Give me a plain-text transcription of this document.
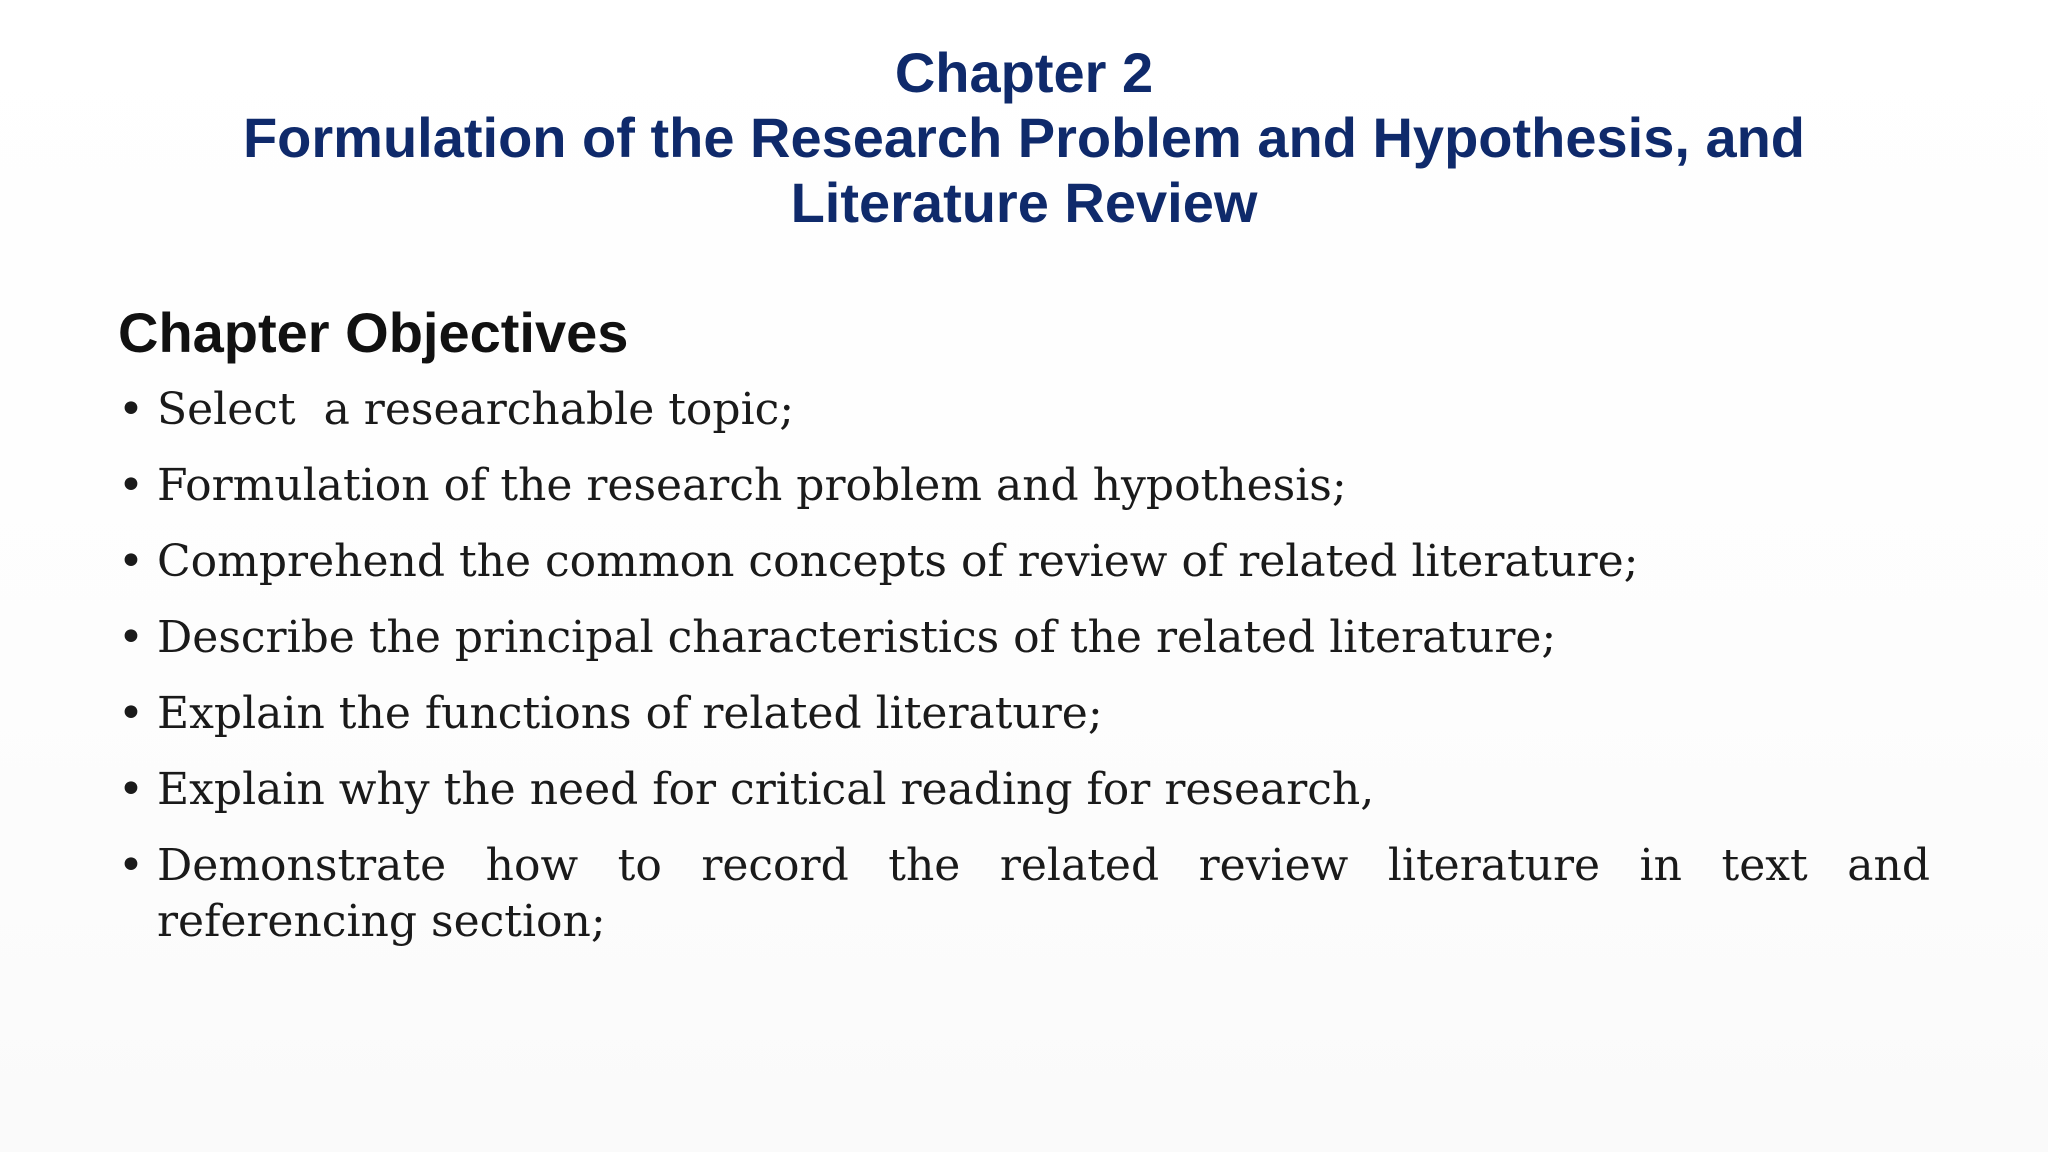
Chapter 2
Formulation of the Research Problem and Hypothesis, and
Literature Review
Chapter Objectives
• Select  a researchable topic;
• Formulation of the research problem and hypothesis;
• Comprehend the common concepts of review of related literature;
• Describe the principal characteristics of the related literature;
• Explain the functions of related literature;
• Explain why the need for critical reading for research,
• Demonstrate how to record the related review literature in text and referencing section;
